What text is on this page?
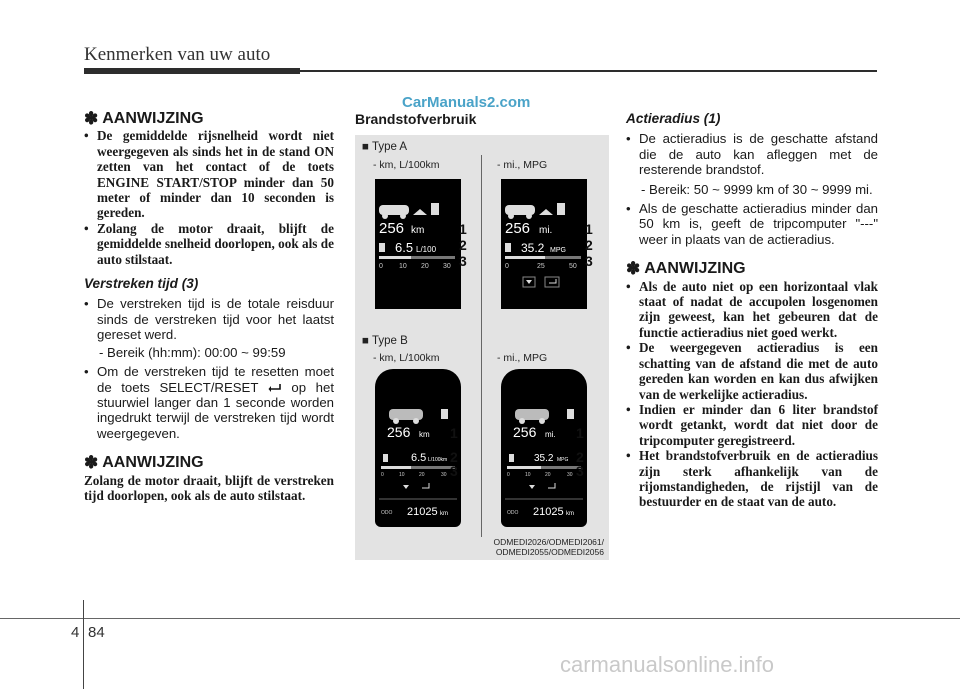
Kenmerken van uw auto
CarManuals2.com
✽ AANWIJZING
• De gemiddelde rijsnelheid wordt niet weergegeven als sinds het in de stand ON zetten van het contact of de toets ENGINE START/STOP minder dan 50 meter of minder dan 10 seconden is gereden.
• Zolang de motor draait, blijft de gemiddelde snelheid doorlopen, ook als de auto stilstaat.
Verstreken tijd (3)
• De verstreken tijd is de totale reisduur sinds de verstreken tijd voor het laatst gereset werd.
- Bereik (hh:mm): 00:00 ~ 99:59
• Om de verstreken tijd te resetten moet de toets SELECT/RESET	op het stuurwiel langer dan 1 seconde worden ingedrukt terwijl de verstreken tijd wordt weergegeven.
✽ AANWIJZING
Zolang de motor draait, blijft de verstreken tijd doorlopen, ook als de auto stilstaat.
Brandstofverbruik
■ Type A
- km, L/100km	- mi., MPG
256 km
6.5 L/100
0 10 20 30
1
2
3
256 mi.
35.2 MPG
0	25	50
1
2
3
■ Type B
- km, L/100km	- mi., MPG
256 km
6.5 L/100km
0	10	20	30
ODO 21025 km
1
2
3
256 mi.
35.2 MPG
0	10	20	30
ODO 21025 km
1
2
3
ODMEDI2026/ODMEDI2061/
ODMEDI2055/ODMEDI2056
Actieradius (1)
• De actieradius is de geschatte afstand die de auto kan afleggen met de resterende brandstof.
- Bereik: 50 ~ 9999 km of 30 ~ 9999 mi.
• Als de geschatte actieradius minder dan 50 km is, geeft de tripcomputer "---" weer in plaats van de actieradius.
✽ AANWIJZING
• Als de auto niet op een horizontaal vlak staat of nadat de accupolen losgenomen zijn geweest, kan het gebeuren dat de functie actieradius niet goed werkt.
• De weergegeven actieradius is een schatting van de afstand die met de auto gereden kan worden en kan dus afwijken van de werkelijke actieradius.
• Indien er minder dan 6 liter brandstof wordt getankt, wordt dat niet door de tripcomputer geregistreerd.
• Het brandstofverbruik en de actieradius zijn sterk afhankelijk van de rijomstandigheden, de rijstijl van de bestuurder en de staat van de auto.
4 84
carmanualsonline.info
